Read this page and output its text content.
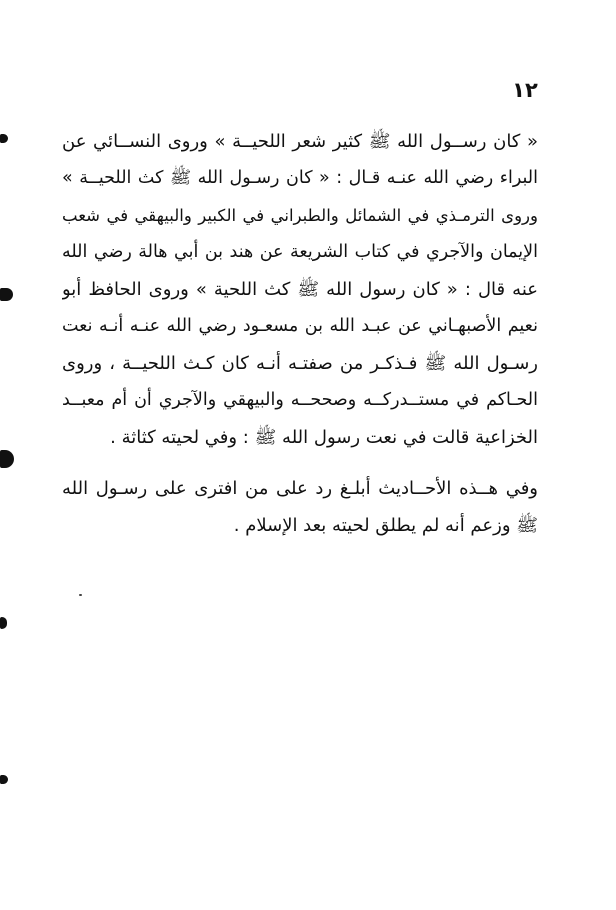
١٢
« كان رســول الله ﷺ كثير شعر اللحيــة » وروى النســائي عن
البراء رضي الله عنـه قـال : « كان رسـول الله ﷺ كث اللحيــة »
وروى الترمـذي في الشمائل والطبراني في الكبير والبيهقي في شعب
الإيمان والآجري في كتاب الشريعة عن هند بن أبي هالة رضي الله
عنه قال : « كان رسول الله ﷺ كث اللحية » وروى الحافظ أبو
نعيم الأصبهـاني عن عبـد الله بن مسعـود رضي الله عنـه أنـه نعت
رسـول الله ﷺ فـذكـر من صفتـه أنـه كان كـث اللحيــة ، وروى
الحـاكم في مستــدركــه وصححــه والبيهقي والآجري أن أم معبــد
الخزاعية قالت في نعت رسول الله ﷺ : وفي لحيته كثاثة .
وفي هــذه الأحــاديث أبلـغ رد على من افترى على رسـول الله
ﷺ وزعم أنه لم يطلق لحيته بعد الإسلام .
